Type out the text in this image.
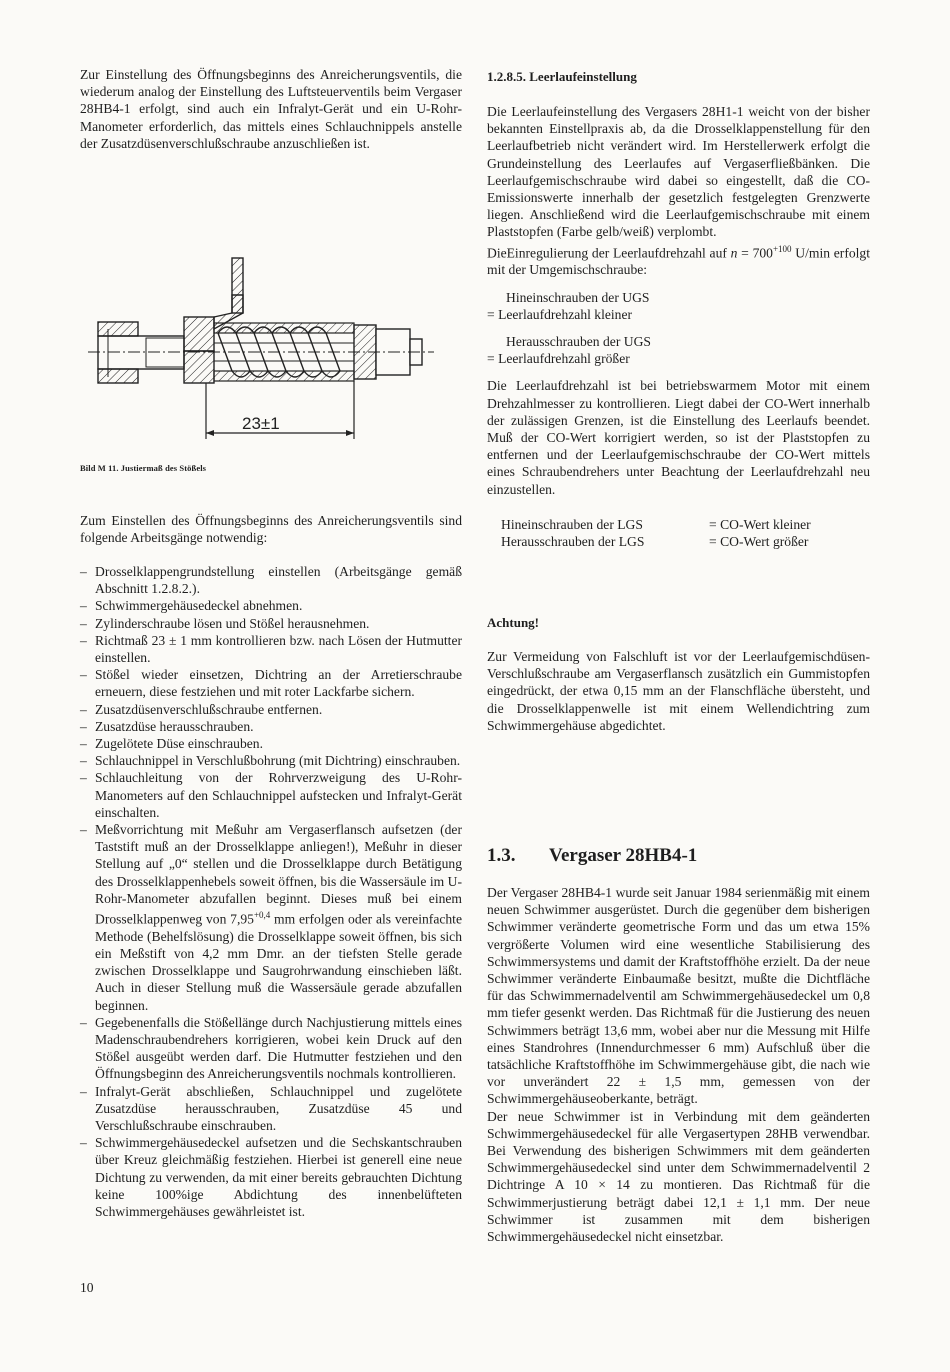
Zur Einstellung des Öffnungsbeginns des Anreicherungsventils, die wiederum analog der Einstellung des Luftsteuerventils beim Vergaser 28HB4-1 erfolgt, sind auch ein Infralyt-Gerät und ein U-Rohr-Manometer erforderlich, das mittels eines Schlauchnippels anstelle der Zusatzdüsenverschlußschraube anzuschließen ist.

23±1
Bild M 11. Justiermaß des Stößels

Zum Einstellen des Öffnungsbeginns des Anreicherungsventils sind folgende Arbeitsgänge notwendig:

– Drosselklappengrundstellung einstellen (Arbeitsgänge gemäß Abschnitt 1.2.8.2.).
– Schwimmergehäusedeckel abnehmen.
– Zylinderschraube lösen und Stößel herausnehmen.
– Richtmaß 23 ± 1 mm kontrollieren bzw. nach Lösen der Hutmutter einstellen.
– Stößel wieder einsetzen, Dichtring an der Arretierschraube erneuern, diese festziehen und mit roter Lackfarbe sichern.
– Zusatzdüsenverschlußschraube entfernen.
– Zusatzdüse herausschrauben.
– Zugelötete Düse einschrauben.
– Schlauchnippel in Verschlußbohrung (mit Dichtring) einschrauben.
– Schlauchleitung von der Rohrverzweigung des U-Rohr-Manometers auf den Schlauchnippel aufstecken und Infralyt-Gerät einschalten.
– Meßvorrichtung mit Meßuhr am Vergaserflansch aufsetzen (der Taststift muß an der Drosselklappe anliegen!), Meßuhr in dieser Stellung auf „0“ stellen und die Drosselklappe durch Betätigung des Drosselklappenhebels soweit öffnen, bis die Wassersäule im U-Rohr-Manometer abzufallen beginnt. Dieses muß bei einem Drosselklappenweg von $7,95^{+0,4}$ mm erfolgen oder als vereinfachte Methode (Behelfslösung) die Drosselklappe soweit öffnen, bis sich ein Meßstift von 4,2 mm Dmr. an der tiefsten Stelle gerade zwischen Drosselklappe und Saugrohrwandung einschieben läßt. Auch in dieser Stellung muß die Wassersäule gerade abzufallen beginnen.
– Gegebenenfalls die Stößellänge durch Nachjustierung mittels eines Madenschraubendrehers korrigieren, wobei kein Druck auf den Stößel ausgeübt werden darf. Die Hutmutter festziehen und den Öffnungsbeginn des Anreicherungsventils nochmals kontrollieren.
– Infralyt-Gerät abschließen, Schlauchnippel und zugelötete Zusatzdüse herausschrauben, Zusatzdüse 45 und Verschlußschraube einschrauben.
– Schwimmergehäusedeckel aufsetzen und die Sechskantschrauben über Kreuz gleichmäßig festziehen. Hierbei ist generell eine neue Dichtung zu verwenden, da mit einer bereits gebrauchten Dichtung keine 100%ige Abdichtung des innenbelüfteten Schwimmergehäuses gewährleistet ist.
10
1.2.8.5. Leerlaufeinstellung

Die Leerlaufeinstellung des Vergasers 28H1-1 weicht von der bisher bekannten Einstellpraxis ab, da die Drosselklappenstellung für den Leerlaufbetrieb nicht verändert wird. Im Herstellerwerk erfolgt die Grundeinstellung des Leerlaufes auf Vergaserfließbänken. Die Leerlaufgemischschraube wird dabei so eingestellt, daß die CO-Emissionswerte innerhalb der gesetzlich festgelegten Grenzwerte liegen. Anschließend wird die Leerlaufgemischschraube mit einem Plaststopfen (Farbe gelb/weiß) verplombt.

DieEinregulierung der Leerlaufdrehzahl auf $n = 700^{+100}$ U/min erfolgt mit der Umgemischschraube:

Hineinschrauben der UGS
= Leerlaufdrehzahl kleiner
Herausschrauben der UGS
= Leerlaufdrehzahl größer

Die Leerlaufdrehzahl ist bei betriebswarmem Motor mit einem Drehzahlmesser zu kontrollieren. Liegt dabei der CO-Wert innerhalb der zulässigen Grenzen, ist die Einstellung des Leerlaufs beendet. Muß der CO-Wert korrigiert werden, so ist der Plaststopfen zu entfernen und der Leerlaufgemischschraube der CO-Wert mittels eines Schraubendrehers unter Beachtung der Leerlaufdrehzahl neu einzustellen.

Hineinschrauben der LGS	= CO-Wert kleiner
Herausschrauben der LGS	= CO-Wert größer
Achtung!

Zur Vermeidung von Falschluft ist vor der Leerlaufgemischdüsen-Verschlußschraube am Vergaserflansch zusätzlich ein Gummistopfen eingedrückt, der etwa 0,15 mm an der Flanschfläche übersteht, und die Drosselklappenwelle ist mit einem Wellendichtring zum Schwimmergehäuse abgedichtet.

1.3. Vergaser 28HB4-1

Der Vergaser 28HB4-1 wurde seit Januar 1984 serienmäßig mit einem neuen Schwimmer ausgerüstet. Durch die gegenüber dem bisherigen Schwimmer veränderte geometrische Form und das um etwa 15% vergrößerte Volumen wird eine wesentliche Stabilisierung des Schwimmersystems und damit der Kraftstoffhöhe erzielt. Da der neue Schwimmer veränderte Einbaumaße besitzt, mußte die Dichtfläche für das Schwimmernadelventil am Schwimmergehäusedeckel um 0,8 mm tiefer gesenkt werden. Das Richtmaß für die Justierung des neuen Schwimmers beträgt 13,6 mm, wobei aber nur die Messung mit Hilfe eines Standrohres (Innendurchmesser 6 mm) Aufschluß über die tatsächliche Kraftstoffhöhe im Schwimmergehäuse gibt, die nach wie vor unverändert 22 ± 1,5 mm, gemessen von der Schwimmergehäuseoberkante, beträgt.

Der neue Schwimmer ist in Verbindung mit dem geänderten Schwimmergehäusedeckel für alle Vergasertypen 28HB verwendbar. Bei Verwendung des bisherigen Schwimmers mit dem geänderten Schwimmergehäusedeckel sind unter dem Schwimmernadelventil 2 Dichtringe A 10 × 14 zu montieren. Das Richtmaß für die Schwimmerjustierung beträgt dabei 12,1 ± 1,1 mm. Der neue Schwimmer ist zusammen mit dem bisherigen Schwimmergehäusedeckel nicht einsetzbar.
